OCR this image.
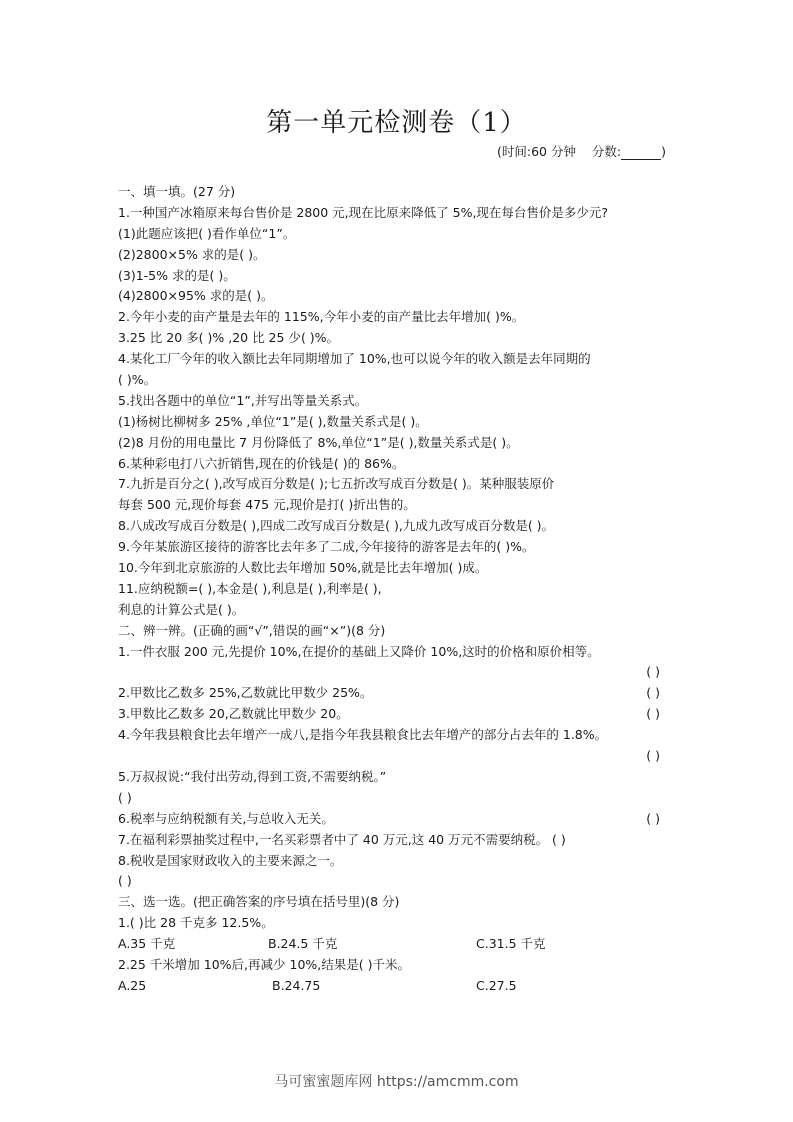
第一单元检测卷（1）
(时间:60 分钟 分数:	)
一、填一填。(27 分)
1.一种国产冰箱原来每台售价是 2800 元,现在比原来降低了 5%,现在每台售价是多少元?
(1)此题应该把( )看作单位“1”。
(2)2800×5% 求的是( )。
(3)1-5% 求的是( )。
(4)2800×95% 求的是( )。
2.今年小麦的亩产量是去年的 115%,今年小麦的亩产量比去年增加( )%。
3.25 比 20 多( )% ,20 比 25 少( )%。
4.某化工厂今年的收入额比去年同期增加了 10%,也可以说今年的收入额是去年同期的
( )%。
5.找出各题中的单位“1”,并写出等量关系式。
(1)杨树比柳树多 25% ,单位“1”是( ),数量关系式是( )。
(2)8 月份的用电量比 7 月份降低了 8%,单位“1”是( ),数量关系式是( )。
6.某种彩电打八六折销售,现在的价钱是( )的 86%。
7.九折是百分之( ),改写成百分数是( );七五折改写成百分数是( )。某种服装原价
每套 500 元,现价每套 475 元,现价是打( )折出售的。
8.八成改写成百分数是( ),四成二改写成百分数是( ),九成九改写成百分数是( )。
9.今年某旅游区接待的游客比去年多了二成,今年接待的游客是去年的( )%。
10.今年到北京旅游的人数比去年增加 50%,就是比去年增加( )成。
11.应纳税额=( ),本金是( ),利息是( ),利率是( ),
利息的计算公式是( )。
二、辨一辨。(正确的画“√”,错误的画“×”)(8 分)
1.一件衣服 200 元,先提价 10%,在提价的基础上又降价 10%,这时的价格和原价相等。
( )
2.甲数比乙数多 25%,乙数就比甲数少 25%。	( )
3.甲数比乙数多 20,乙数就比甲数少 20。	( )
4.今年我县粮食比去年增产一成八,是指今年我县粮食比去年增产的部分占去年的 1.8%。
( )
5.万叔叔说:“我付出劳动,得到工资,不需要纳税。”
( )
6.税率与应纳税额有关,与总收入无关。	( )
7.在福利彩票抽奖过程中,一名买彩票者中了 40 万元,这 40 万元不需要纳税。 ( )
8.税收是国家财政收入的主要来源之一。
( )
三、选一选。(把正确答案的序号填在括号里)(8 分)
1.( )比 28 千克多 12.5%。
A.35 千克	B.24.5 千克	C.31.5 千克
2.25 千米增加 10%后,再减少 10%,结果是( )千米。
A.25	B.24.75	C.27.5
马可蜜蜜题库网 https://amcmm.com
